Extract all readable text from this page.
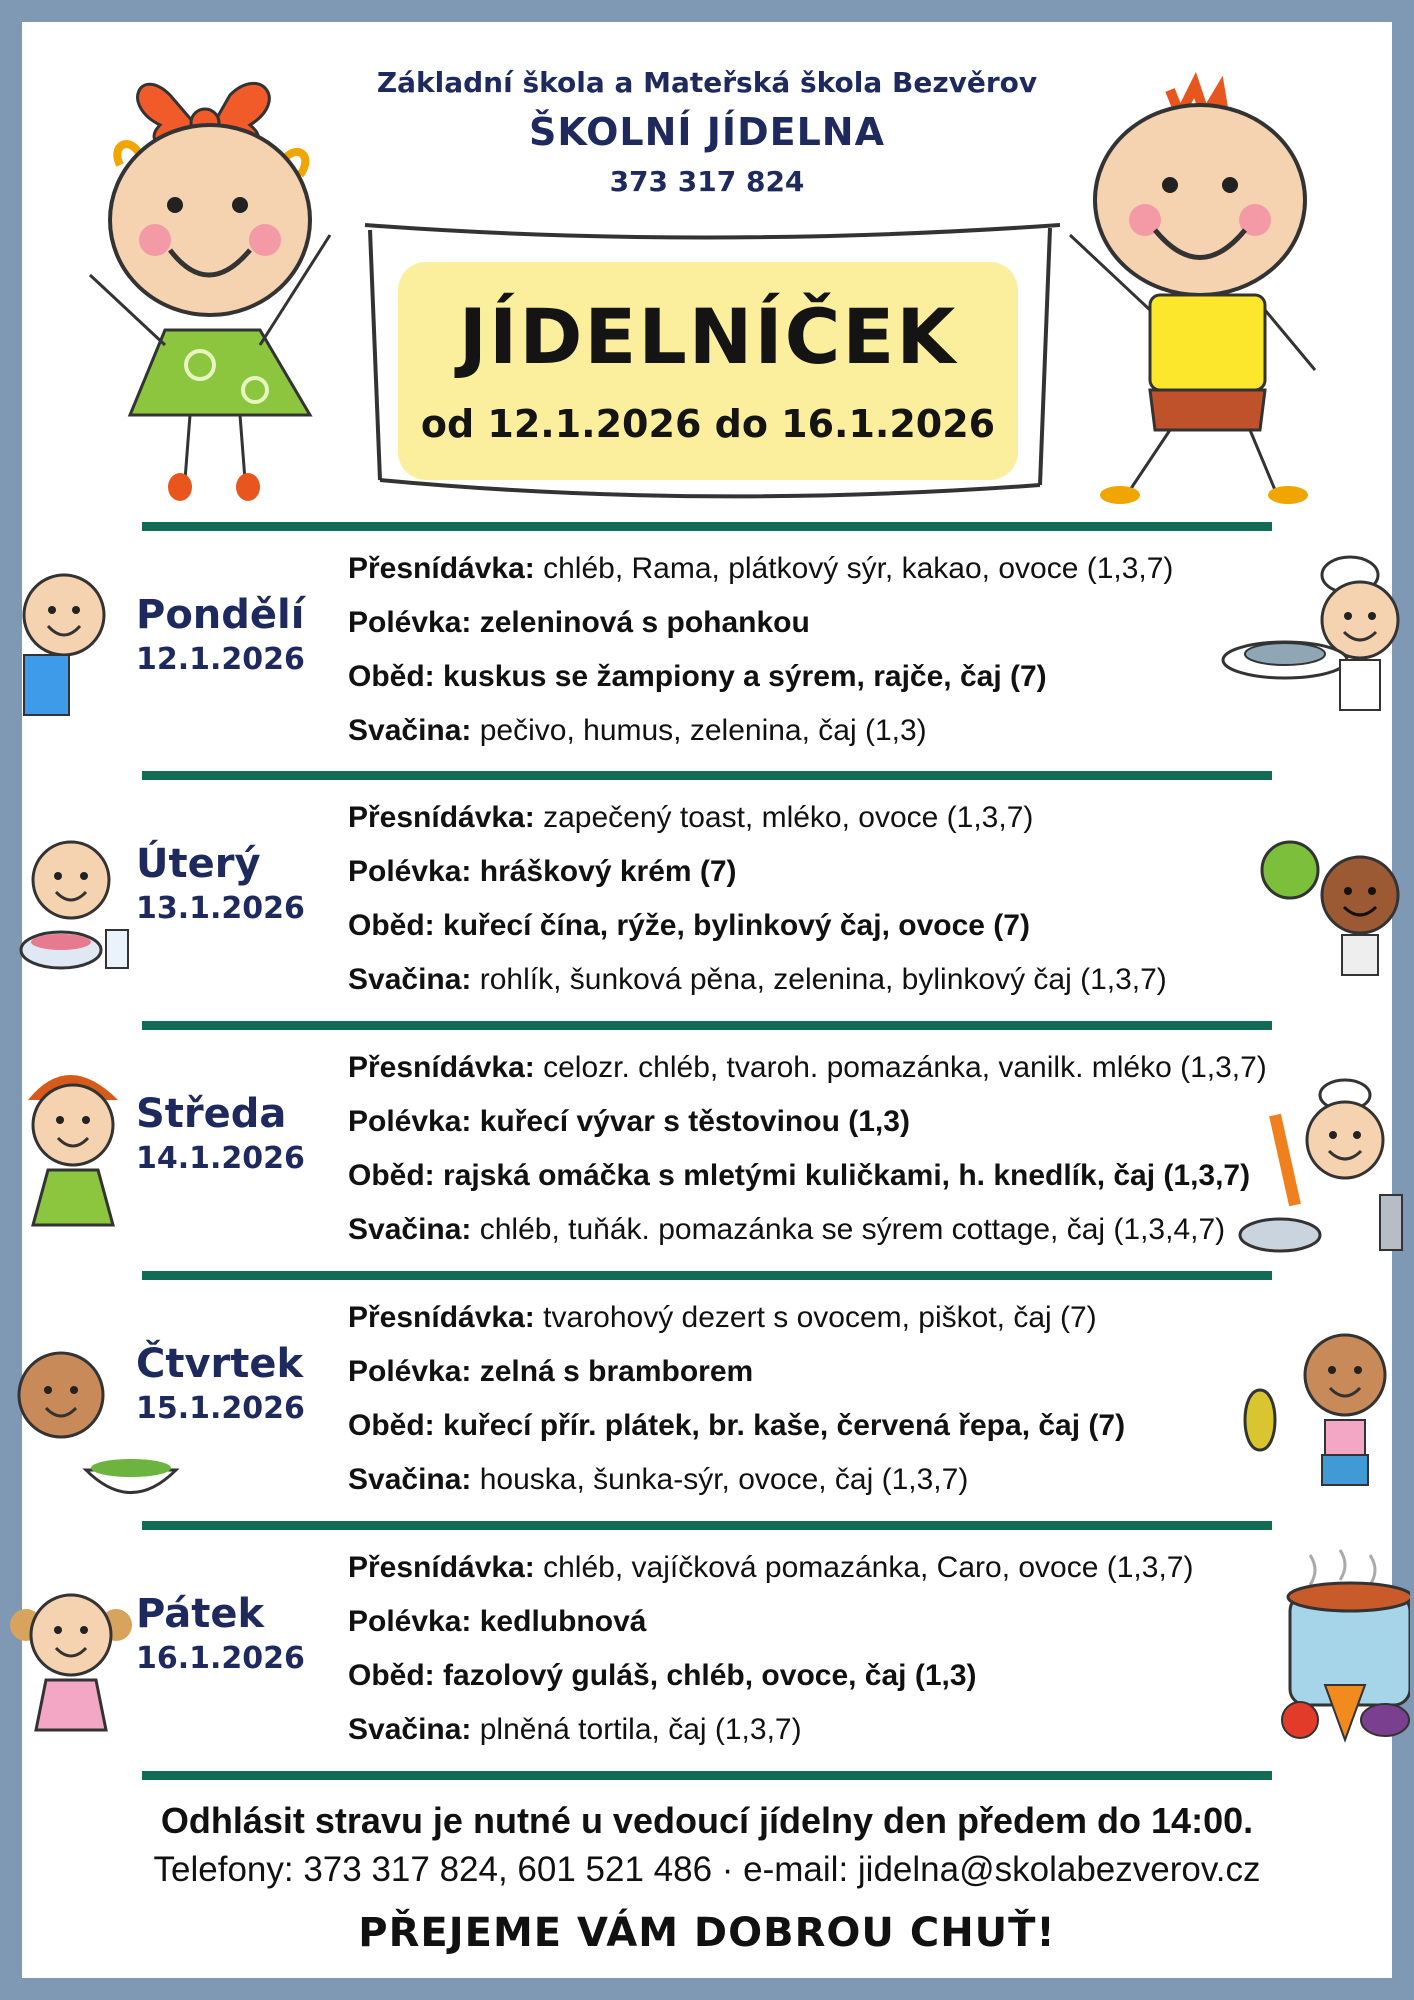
Základní škola a Mateřská škola Bezvěrov
ŠKOLNÍ JÍDELNA
373 317 824
JÍDELNÍČEK
od 12.1.2026 do 16.1.2026
Pondělí
12.1.2026
Přesnídávka: chléb, Rama, plátkový sýr, kakao, ovoce (1,3,7)
Polévka: zeleninová s pohankou
Oběd: kuskus se žampiony a sýrem, rajče, čaj (7)
Svačina: pečivo, humus, zelenina, čaj (1,3)
Úterý
13.1.2026
Přesnídávka: zapečený toast, mléko, ovoce (1,3,7)
Polévka: hráškový krém (7)
Oběd: kuřecí čína, rýže, bylinkový čaj, ovoce (7)
Svačina: rohlík, šunková pěna, zelenina, bylinkový čaj (1,3,7)
Středa
14.1.2026
Přesnídávka: celozr. chléb, tvaroh. pomazánka, vanilk. mléko (1,3,7)
Polévka: kuřecí vývar s těstovinou (1,3)
Oběd: rajská omáčka s mletými kuličkami, h. knedlík, čaj (1,3,7)
Svačina: chléb, tuňák. pomazánka se sýrem cottage, čaj (1,3,4,7)
Čtvrtek
15.1.2026
Přesnídávka: tvarohový dezert s ovocem, piškot, čaj (7)
Polévka: zelná s bramborem
Oběd: kuřecí přír. plátek, br. kaše, červená řepa, čaj (7)
Svačina: houska, šunka-sýr, ovoce, čaj (1,3,7)
Pátek
16.1.2026
Přesnídávka: chléb, vajíčková pomazánka, Caro, ovoce (1,3,7)
Polévka: kedlubnová
Oběd: fazolový guláš, chléb, ovoce, čaj (1,3)
Svačina: plněná tortila, čaj (1,3,7)
Odhlásit stravu je nutné u vedoucí jídelny den předem do 14:00.
Telefony: 373 317 824, 601 521 486 · e-mail: jidelna@skolabezverov.cz
PŘEJEME VÁM DOBROU CHUŤ!
